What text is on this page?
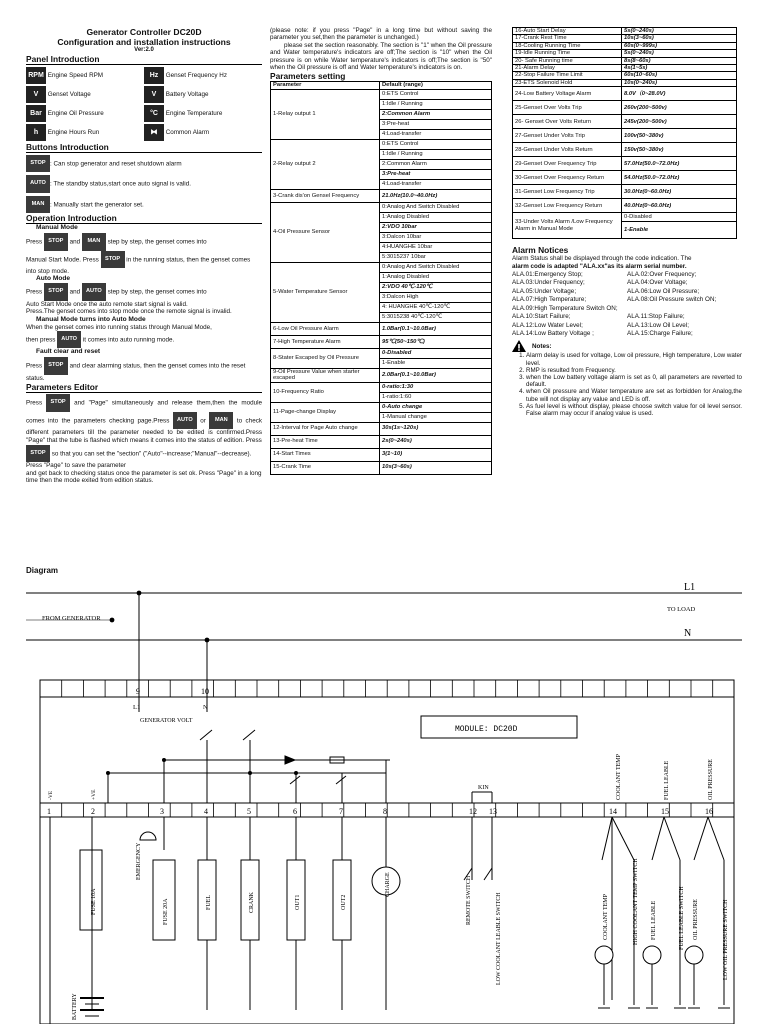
Generator Controller DC20D
Configuration and installation instructions
Ver:2.0
Panel Introduction
RPM Engine Speed RPM	Hz Genset Frequency Hz
V Genset Voltage	V Battery Voltage
Bar Engine Oil Pressure	°C Engine Temperature
h Engine Hours Run	⧓ Common Alarm
Buttons Introduction
STOP : Can stop generator and reset shutdown alarm
AUTO : The standby status,start once auto signal is valid.
MAN : Manually start the generator set.
Operation Introduction
Manual Mode
Press STOP and MAN step by step, the genset comes into
Manual Start Mode. Press STOP in the running status, then the genset comes into stop mode.
Auto Mode
Press STOP and AUTO step by step, the genset comes into
Auto Start Mode once the auto remote start signal is valid.
Press.The genset comes into stop mode once the remote signal is invalid.
Manual Mode turns into Auto Mode
When the genset comes into running status through Manual Mode,
then press AUTO it comes into auto running mode.
Fault clear and reset
Press STOP and clear alarming status, then the genset comes into the reset status.
Parameters Editor
Press STOP and "Page" simultaneously and release them,then the module comes into the parameters checking page.Press AUTO or MAN to check different parameters till the parameter needed to be edited is confirmed.Press "Page" that the tube is flashed which means it comes into the status of edition. Press
STOP so that you can set the "section" ("Auto"--increase;"Manual"--decrease). Press "Page" to save the parameter
and get back to checking status once the parameter is set ok. Press "Page" in a long time then the mode exited from edition status.
(please note: if you press "Page" in a long time but without saving the parameter you set,then the parameter is unchanged.)
please set the section reasonably. The section is "1" when the Oil pressure and Water temperature's indicators are off;The section is "10" when the Oil pressure is on while Water temperature's indicators is off;The section is "50" when the Oil pressure is off and Water temperature's indicators is on.
Parameters setting
Parameter	Default (range)
1-Relay output 1	0:ETS Control
	1:Idle / Running
	2:Common Alarm
	3:Pre-heat
	4:Load-transfer
2-Relay output 2	0:ETS Control
	1:Idle / Running
	2:Common Alarm
	3:Pre-heat
	4:Load-transfer
3-Crank dis'on Gensel Frequency	21.0Hz(10.0~40.0Hz)
4-Oil Pressure Sensor	0:Analog And Switch Disabled
	1:Analog Disabled
	2:VDO 10bar
	3:Dalcon 10bar
	4:HUANGHE 10bar
	5:3015237 10bar
5-Water Temperature Sensor	0:Analog And Switch Disabled
	1:Analog Disabled
	2:VDO 40℃-120℃
	3:Dalcon High
	4: HUANGHE 40℃-120℃
	5:3015238 40℃-120℃
6-Low Oil Pressure Alarm	1.0Bar(0.1~10.0Bar)
7-High Temperature Alarm	95℃(50~150℃)
8-Stater Escaped by Oil Pressure	0-Disabled
	1-Enable
9-Oil Pressure Value when starter escaped	2.0Bar(0.1~10.0Bar)
10-Frequency Ratio	0-ratio:1:30
	1-ratio:1:60
11-Page-change Display	0-Auto change
	1-Manual change
12-Interval for Page Auto change	30s(1s~120s)
13-Pre-heat Time	2s(0~240s)
14-Start Times	3(1~10)
15-Crank Time	10s(3~60s)
16-Auto Start Delay	5s(0~240s)
17-Crank Rest Time	10s(3~60s)
18-Cooling Running Time	60s(0~999s)
19-Idle Running Time	5s(0~240s)
20- Safe Running time	8s(8~60s)
21-Alarm Delay	4s(1~5s)
22-Stop Failure Time Limit	60s(10~60s)
23-ETS Solenoid Hold	10s(0~240s)
24-Low Battery Voltage Alarm	8.0V（0~28.0V)
25-Genset Over Volts Trip	260v(200~500v)
26- Genset Over Volts Return	245v(200~500v)
27-Genset Under Volts Trip	100v(50~380v)
28-Genset Under Volts Return	150v(50~380v)
29-Genset Over Frequency Trip	57.0Hz(50.0~72.0Hz)
30-Genset Over Frequency Return	54.0Hz(50.0~72.0Hz)
31-Genset Low Frequency Trip	30.0Hz(0~60.0Hz)
32-Genset Low Frequency Return	40.0Hz(0~60.0Hz)
33-Under Volts Alarm /Low Frequency Alarm in Manual Mode	0-Disabled
	1-Enable
Alarm Notices
Alarm Status shall be displayed through the code indication. The
alarm code is adapted "ALA.xx"as its alarm serial number.
ALA.01:Emergency Stop;	ALA.02:Over Frequency;
ALA.03:Under Frequency;	ALA.04:Over Voltage;
ALA.05:Under Voltage;	ALA.06:Low Oil Pressure;
ALA.07:High Temperature;	ALA.08:Oil Pressure switch ON;
ALA.09:High Temperature Switch ON;
ALA.10:Start Failure;	ALA.11:Stop Failure;
ALA.12:Low Water Level;	ALA.13:Low Oil Level;
ALA.14:Low Battery Voltage ;	ALA.15:Charge Failure;
Notes:
1. Alarm delay is used for voltage, Low oil pressure, High temperature, Low water level.
2. RMP is resulted from Frequency.
3. when the Low battery voltage alarm is set as 0, all parameters are reverted to default.
4. when Oil pressure and Water temperature are set as forbidden for Analog,the tube will not display any value and LED is off.
5. As fuel level is without display, please choose switch value for oil level sensor. False alarm may occur if analog value is used.
Diagram
1	2	3	4	5	6	7	8	12 13	14	15	16
FROM GENERATOR
L1
TO LOAD
N
MODULE: DC20D
9	10
L1	N
GENERATOR VOLT
KIN
-VE	+VE	COOLANT TEMP	FUEL LEABLE	OIL PRESSURE
FUSE 10A	FUSE 20A
EMERGENCY
FUEL	CRANK	OUT1	OUT2
CHARGE	REMOTE SWITCH	LOW COOLANT LEABLE SWITCH	COOLANT TEMP	HIGH COOLANT TEMP SWITCH FUEL LEABLE	FUEL LEABLE SWITCH OIL PRESSURE	LOW OIL PRESSURE SWITCH
BATTERY
